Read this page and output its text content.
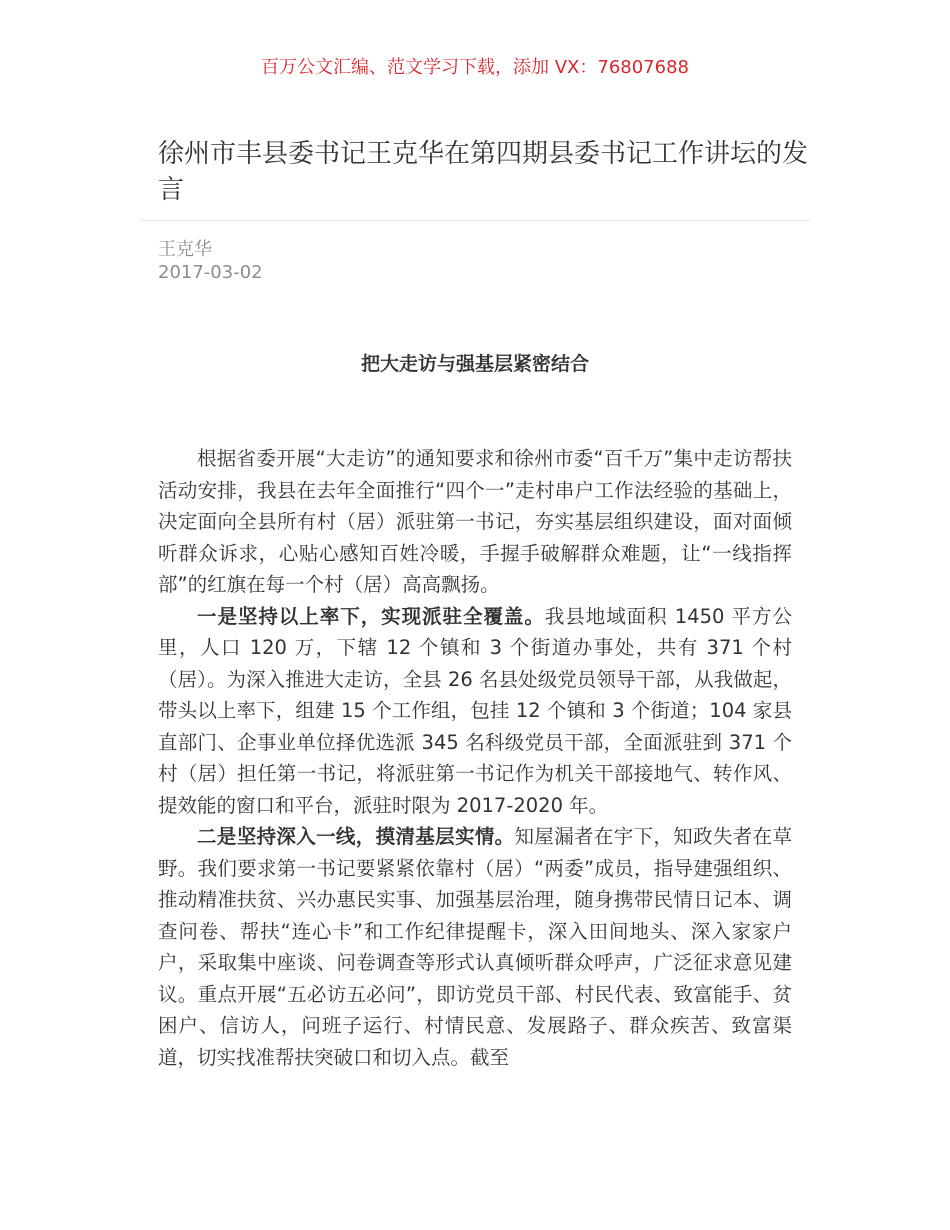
百万公文汇编、范文学习下载，添加 VX：76807688
徐州市丰县委书记王克华在第四期县委书记工作讲坛的发言
王克华
2017-03-02
把大走访与强基层紧密结合

根据省委开展“大走访”的通知要求和徐州市委“百千万”集中走访帮扶活动安排，我县在去年全面推行“四个一”走村串户工作法经验的基础上，决定面向全县所有村（居）派驻第一书记，夯实基层组织建设，面对面倾听群众诉求，心贴心感知百姓冷暖，手握手破解群众难题，让“一线指挥部”的红旗在每一个村（居）高高飘扬。

一是坚持以上率下，实现派驻全覆盖。我县地域面积 1450 平方公里，人口 120 万，下辖 12 个镇和 3 个街道办事处，共有 371 个村（居）。为深入推进大走访，全县 26 名县处级党员领导干部，从我做起，带头以上率下，组建 15 个工作组，包挂 12 个镇和 3 个街道；104 家县直部门、企事业单位择优选派 345 名科级党员干部，全面派驻到 371 个村（居）担任第一书记，将派驻第一书记作为机关干部接地气、转作风、提效能的窗口和平台，派驻时限为 2017-2020 年。

二是坚持深入一线，摸清基层实情。知屋漏者在宇下，知政失者在草野。我们要求第一书记要紧紧依靠村（居）“两委”成员，指导建强组织、推动精准扶贫、兴办惠民实事、加强基层治理，随身携带民情日记本、调查问卷、帮扶“连心卡”和工作纪律提醒卡，深入田间地头、深入家家户户，采取集中座谈、问卷调查等形式认真倾听群众呼声，广泛征求意见建议。重点开展“五必访五必问”，即访党员干部、村民代表、致富能手、贫困户、信访人，问班子运行、村情民意、发展路子、群众疾苦、致富渠道，切实找准帮扶突破口和切入点。截至
